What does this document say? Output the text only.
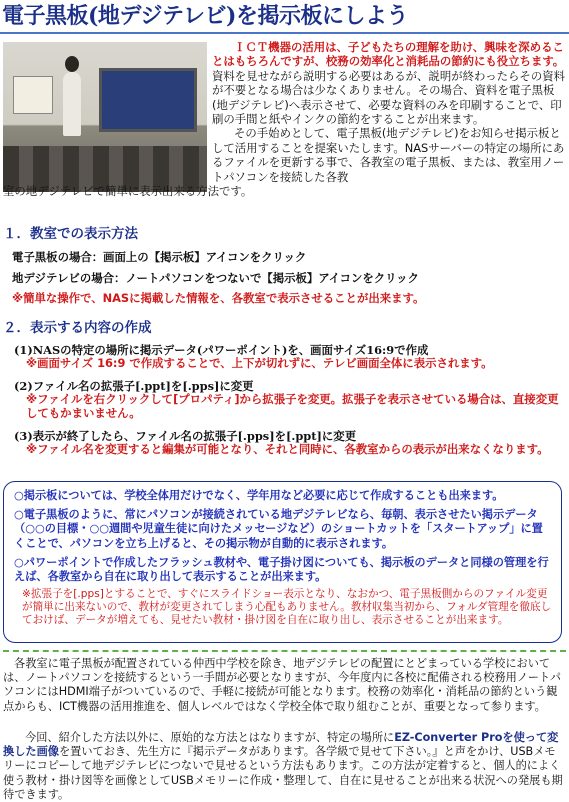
電子黒板(地デジテレビ)を掲示板にしよう
ＩＣＴ機器の活用は、子どもたちの理解を助け、興味を深めることはもちろんですが、校務の効率化と消耗品の節約にも役立ちます。資料を見せながら説明する必要はあるが、説明が終わったらその資料が不要となる場合は少なくありません。その場合、資料を電子黒板(地デジテレビ)へ表示させて、必要な資料のみを印刷することで、印刷の手間と紙やインクの節約をすることが出来ます。
その手始めとして、電子黒板(地デジテレビ)をお知らせ掲示板として活用することを提案いたします。NASサーバーの特定の場所にあるファイルを更新する事で、各教室の電子黒板、または、教室用ノートパソコンを接続した各教
室の地デジテレビで簡単に表示出来る方法です。
１．教室での表示方法
電子黒板の場合：画面上の【掲示板】アイコンをクリック
地デジテレビの場合：ノートパソコンをつないで【掲示板】アイコンをクリック
※簡単な操作で、NASに掲載した情報を、各教室で表示させることが出来ます。
２．表示する内容の作成
(1)NASの特定の場所に掲示データ(パワーポイント)を、画面サイズ16:9で作成
※画面サイズ 16:9 で作成することで、上下が切れずに、テレビ画面全体に表示されます。
(2)ファイル名の拡張子[.ppt]を[.pps]に変更
※ファイルを右クリックして[プロパティ]から拡張子を変更。拡張子を表示させている場合は、直接変更してもかまいません。
(3)表示が終了したら、ファイル名の拡張子[.pps]を[.ppt]に変更
※ファイル名を変更すると編集が可能となり、それと同時に、各教室からの表示が出来なくなります。
○掲示板については、学校全体用だけでなく、学年用など必要に応じて作成することも出来ます。
○電子黒板のように、常にパソコンが接続されている地デジテレビなら、毎朝、表示させたい掲示データ（○○の目標・○○週間や児童生徒に向けたメッセージなど）のショートカットを「スタートアップ」に置くことで、パソコンを立ち上げると、その掲示物が自動的に表示されます。
○パワーポイントで作成したフラッシュ教材や、電子掛け図についても、掲示板のデータと同様の管理を行えば、各教室から自在に取り出して表示することが出来ます。
※拡張子を[.pps]とすることで、すぐにスライドショー表示となり、なおかつ、電子黒板側からのファイル変更が簡単に出来ないので、教材が変更されてしまう心配もありません。教材収集当初から、フォルダ管理を徹底しておけば、データが増えても、見せたい教材・掛け図を自在に取り出し、表示させることが出来ます。
各教室に電子黒板が配置されている仲西中学校を除き、地デジテレビの配置にとどまっている学校においては、ノートパソコンを接続するという一手間が必要となりますが、今年度内に各校に配備される校務用ノートパソコンにはHDMI端子がついているので、手軽に接続が可能となります。校務の効率化・消耗品の節約という観点からも、ICT機器の活用推進を、個人レベルではなく学校全体で取り組むことが、重要となって参ります。
今回、紹介した方法以外に、原始的な方法とはなりますが、特定の場所にEZ-Converter Proを使って変換した画像を置いておき、先生方に『掲示データがあります。各学級で見せて下さい。』と声をかけ、USBメモリーにコピーして地デジテレビにつないで見せるという方法もあります。この方法が定着すると、個人的によく使う教材・掛け図等を画像としてUSBメモリーに作成・整理して、自在に見せることが出来る状況への発展も期待できます。
